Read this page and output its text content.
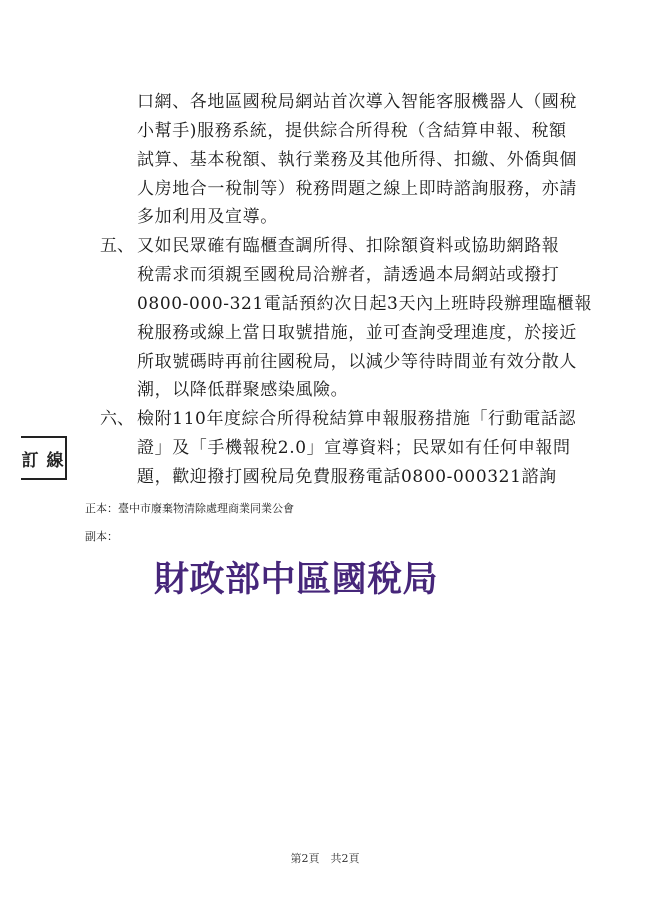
口網、各地區國稅局網站首次導入智能客服機器人（國稅
小幫手)服務系統，提供綜合所得稅（含結算申報、稅額
試算、基本稅額、執行業務及其他所得、扣繳、外僑與個
人房地合一稅制等）稅務問題之線上即時諮詢服務，亦請
多加利用及宣導。
五、 又如民眾確有臨櫃查調所得、扣除額資料或協助網路報
稅需求而須親至國稅局洽辦者，請透過本局網站或撥打
0800-000-321電話預約次日起3天內上班時段辦理臨櫃報
稅服務或線上當日取號措施，並可查詢受理進度，於接近
所取號碼時再前往國稅局，以減少等待時間並有效分散人
潮，以降低群聚感染風險。
六、 檢附110年度綜合所得稅結算申報服務措施「行動電話認
證」及「手機報稅2.0」宣導資料；民眾如有任何申報問
題，歡迎撥打國稅局免費服務電話0800-000321諮詢
訂 線
正本：臺中市廢棄物清除處理商業同業公會
副本：
財政部中區國稅局
第2頁　共2頁
